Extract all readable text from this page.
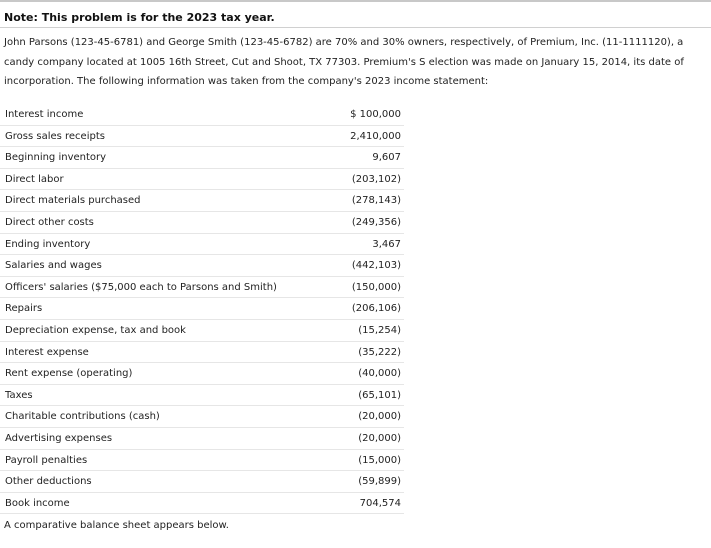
Note: This problem is for the 2023 tax year.
John Parsons (123-45-6781) and George Smith (123-45-6782) are 70% and 30% owners, respectively, of Premium, Inc. (11-1111120), a candy company located at 1005 16th Street, Cut and Shoot, TX 77303. Premium's S election was made on January 15, 2014, its date of incorporation. The following information was taken from the company's 2023 income statement:
Interest income	$ 100,000
Gross sales receipts	2,410,000
Beginning inventory	9,607
Direct labor	(203,102)
Direct materials purchased	(278,143)
Direct other costs	(249,356)
Ending inventory	3,467
Salaries and wages	(442,103)
Officers' salaries ($75,000 each to Parsons and Smith)	(150,000)
Repairs	(206,106)
Depreciation expense, tax and book	(15,254)
Interest expense	(35,222)
Rent expense (operating)	(40,000)
Taxes	(65,101)
Charitable contributions (cash)	(20,000)
Advertising expenses	(20,000)
Payroll penalties	(15,000)
Other deductions	(59,899)
Book income	704,574
A comparative balance sheet appears below.
